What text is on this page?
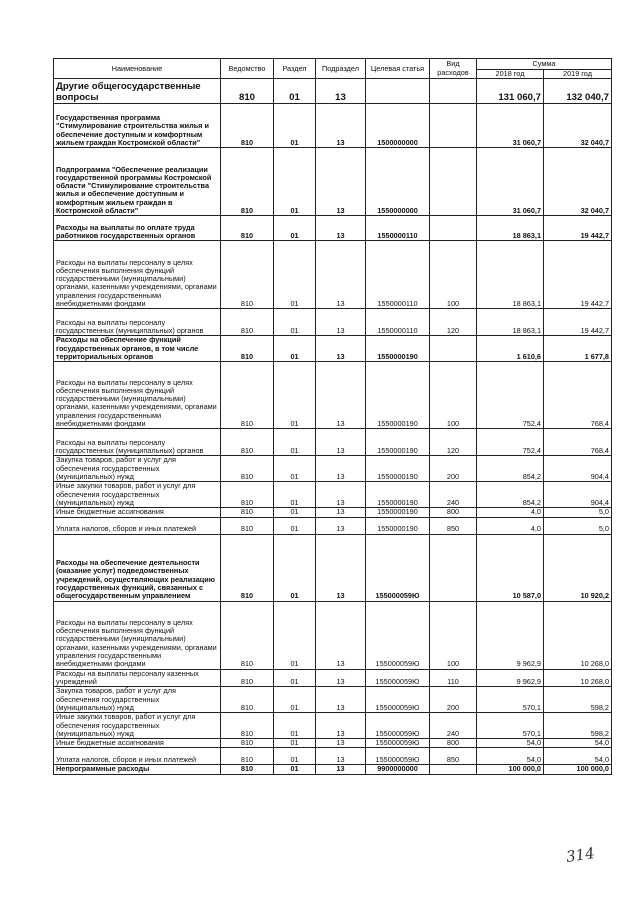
Наименование	Ведомство	Раздел	Подраздел	Целевая статья	Вид расходов	Сумма	
						2018 год	2019 год
Другие общегосударственные вопросы	810	01	13			131 060,7	132 040,7
Государственная программа "Стимулирование строительства жилья и обеспечение доступным и комфортным жильем граждан Костромской области"	810	01	13	1500000000		31 060,7	32 040,7
Подпрограмма "Обеспечение реализации государственной программы Костромской области "Стимулирование строительства жилья и обеспечение доступным и комфортным жильем граждан в Костромской области"	810	01	13	1550000000		31 060,7	32 040,7
Расходы на выплаты по оплате труда работников государственных органов	810	01	13	1550000110		18 863,1	19 442,7
Расходы на выплаты персоналу в целях обеспечения выполнения функций государственными (муниципальными) органами, казенными учреждениями, органами управления государственными внебюджетными фондами	810	01	13	1550000110	100	18 863,1	19 442,7
Расходы на выплаты персоналу государственных (муниципальных) органов	810	01	13	1550000110	120	18 863,1	19 442,7
Расходы на обеспечение функций государственных органов, в том числе территориальных органов	810	01	13	1550000190		1 610,6	1 677,8
Расходы на выплаты персоналу в целях обеспечения выполнения функций государственными (муниципальными) органами, казенными учреждениями, органами управления государственными внебюджетными фондами	810	01	13	1550000190	100	752,4	768,4
Расходы на выплаты персоналу государственных (муниципальных) органов	810	01	13	1550000190	120	752,4	768,4
Закупка товаров, работ и услуг для обеспечения государственных (муниципальных) нужд	810	01	13	1550000190	200	854,2	904,4
Иные закупки товаров, работ и услуг для обеспечения государственных (муниципальных) нужд	810	01	13	1550000190	240	854,2	904,4
Иные бюджетные ассигнования	810	01	13	1550000190	800	4,0	5,0
Уплата налогов, сборов и иных платежей	810	01	13	1550000190	850	4,0	5,0
Расходы на обеспечение деятельности (оказание услуг) подведомственных учреждений, осуществляющих реализацию государственных функций, связанных с общегосударственным управлением	810	01	13	155000059Ю		10 587,0	10 920,2
Расходы на выплаты персоналу в целях обеспечения выполнения функций государственными (муниципальными) органами, казенными учреждениями, органами управления государственными внебюджетными фондами	810	01	13	155000059Ю	100	9 962,9	10 268,0
Расходы на выплаты персоналу казенных учреждений	810	01	13	155000059Ю	110	9 962,9	10 268,0
Закупка товаров, работ и услуг для обеспечения государственных (муниципальных) нужд	810	01	13	155000059Ю	200	570,1	598,2
Иные закупки товаров, работ и услуг для обеспечения государственных (муниципальных) нужд	810	01	13	155000059Ю	240	570,1	598,2
Иные бюджетные ассигнования	810	01	13	155000059Ю	800	54,0	54,0
Уплата налогов, сборов и иных платежей	810	01	13	155000059Ю	850	54,0	54,0
Непрограммные расходы	810	01	13	9900000000		100 000,0	100 000,0
314
